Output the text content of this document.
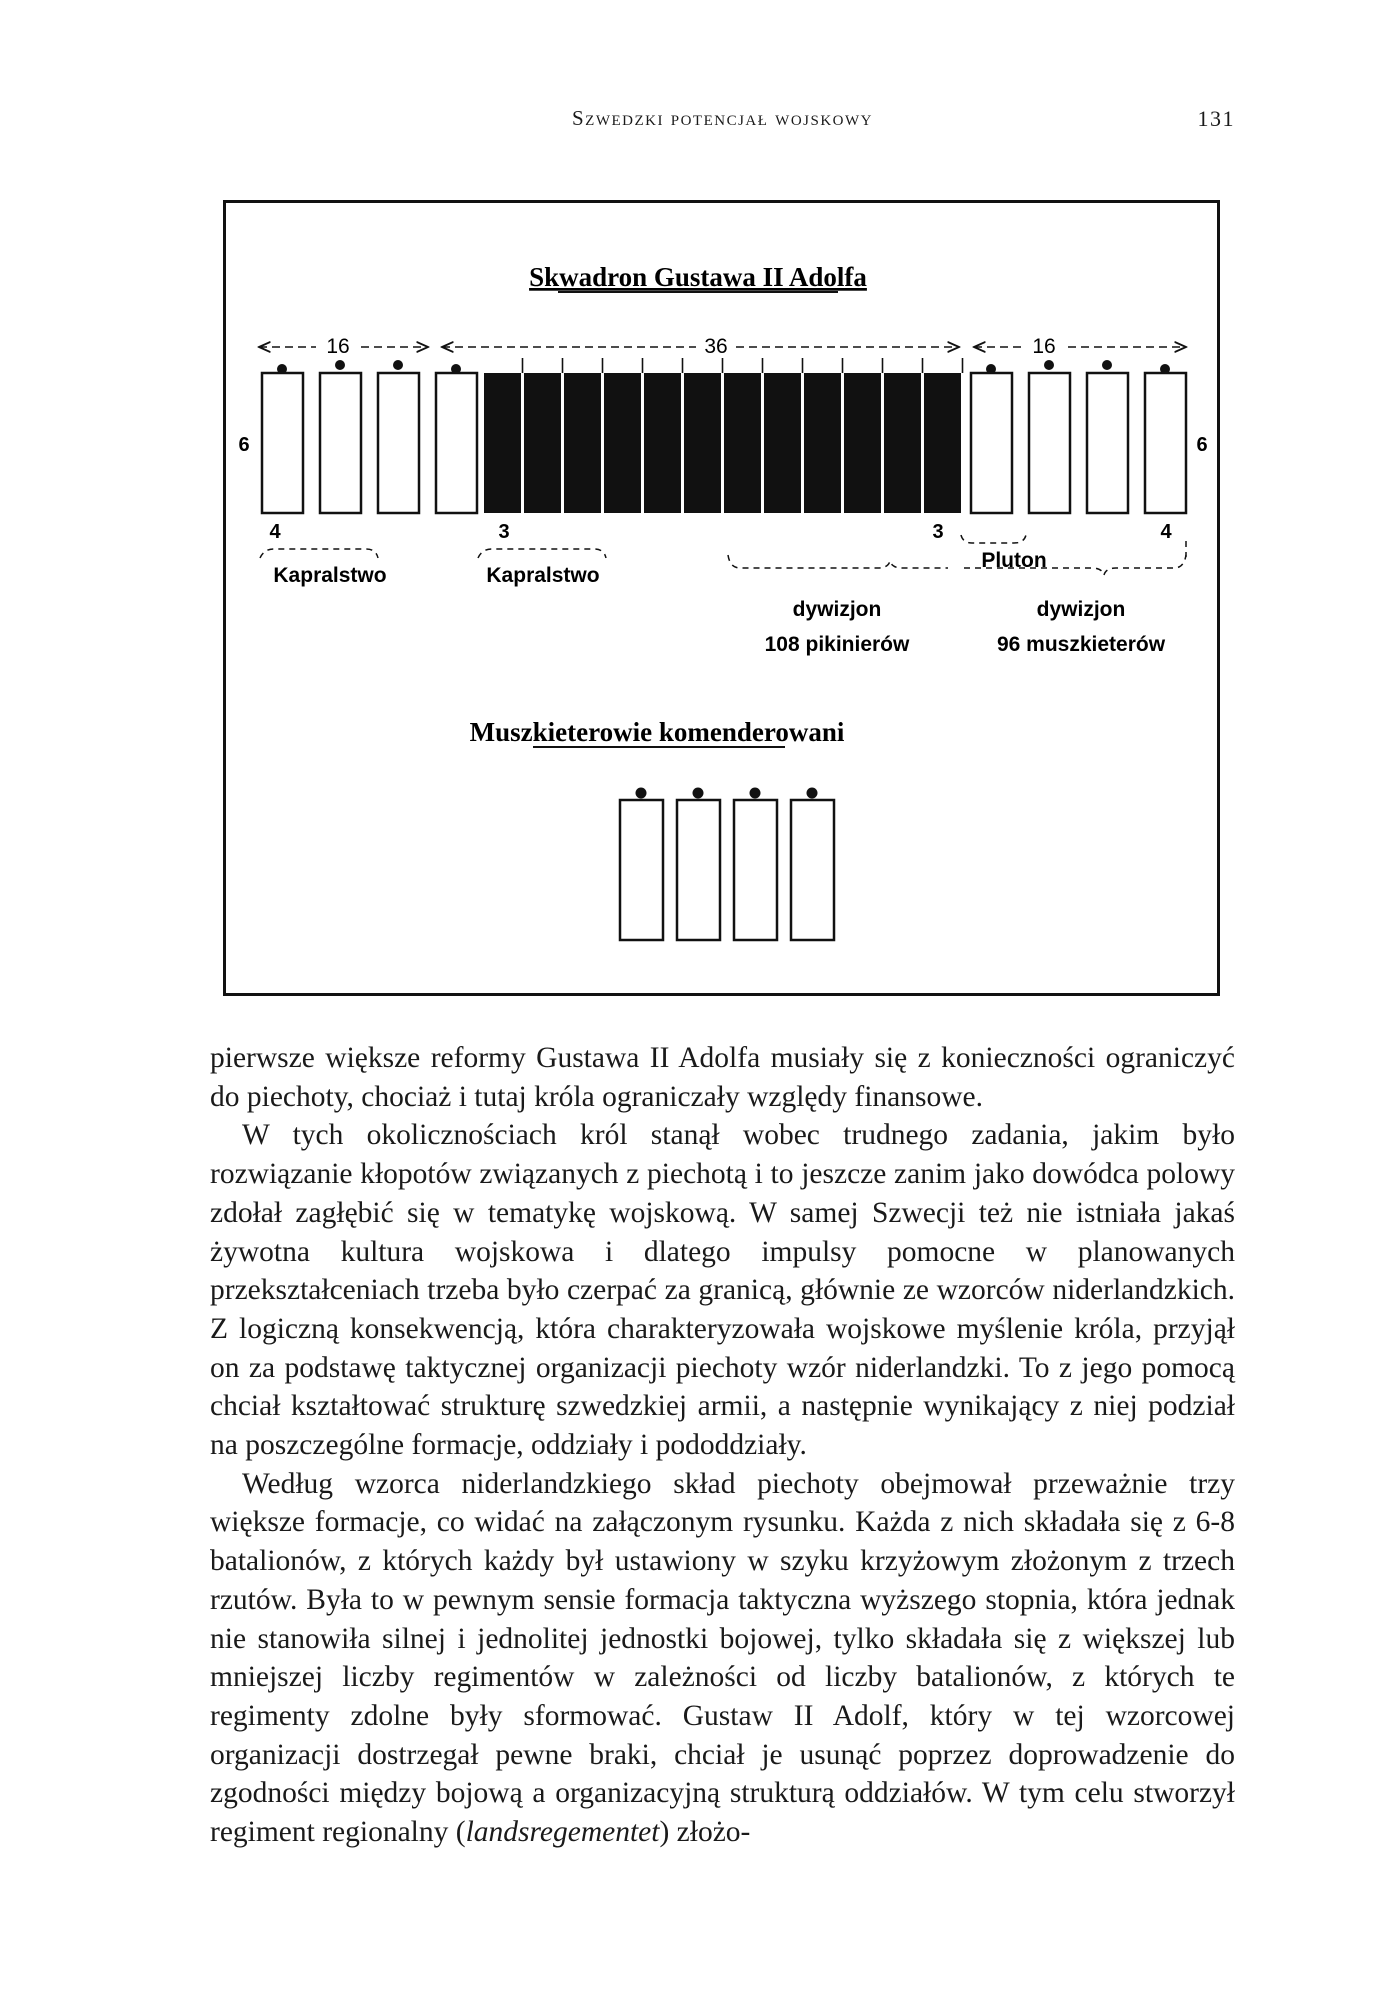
Szwedzki potencjał wojskowy	131
Skwadron Gustawa II Adolfa
16	36	16
6	6
4	3	3	4
Kapralstwo	Kapralstwo
Pluton
dywizjon
108 pikinierów
dywizjon
96 muszkieterów
Muszkieterowie komenderowani

pierwsze większe reformy Gustawa II Adolfa musiały się z konieczności ograniczyć do piechoty, chociaż i tutaj króla ograniczały względy finansowe.

W tych okolicznościach król stanął wobec trudnego zadania, jakim było rozwiązanie kłopotów związanych z piechotą i to jeszcze zanim jako dowódca polowy zdołał zagłębić się w tematykę wojskową. W samej Szwecji też nie istniała jakaś żywotna kultura wojskowa i dlatego impulsy pomocne w planowanych przekształceniach trzeba było czerpać za granicą, głównie ze wzorców niderlandzkich. Z logiczną konsekwencją, która charakteryzowała wojskowe myślenie króla, przyjął on za podstawę taktycznej organizacji piechoty wzór niderlandzki. To z jego pomocą chciał kształtować strukturę szwedzkiej armii, a następnie wynikający z niej podział na poszczególne formacje, oddziały i pododdziały.

Według wzorca niderlandzkiego skład piechoty obejmował przeważnie trzy większe formacje, co widać na załączonym rysunku. Każda z nich składała się z 6-8 batalionów, z których każdy był ustawiony w szyku krzyżowym złożonym z trzech rzutów. Była to w pewnym sensie formacja taktyczna wyższego stopnia, która jednak nie stanowiła silnej i jednolitej jednostki bojowej, tylko składała się z większej lub mniejszej liczby regimentów w zależności od liczby batalionów, z których te regimenty zdolne były sformować. Gustaw II Adolf, który w tej wzorcowej organizacji dostrzegał pewne braki, chciał je usunąć poprzez doprowadzenie do zgodności między bojową a organizacyjną strukturą oddziałów. W tym celu stworzył regiment regionalny (landsregementet) złożo-
